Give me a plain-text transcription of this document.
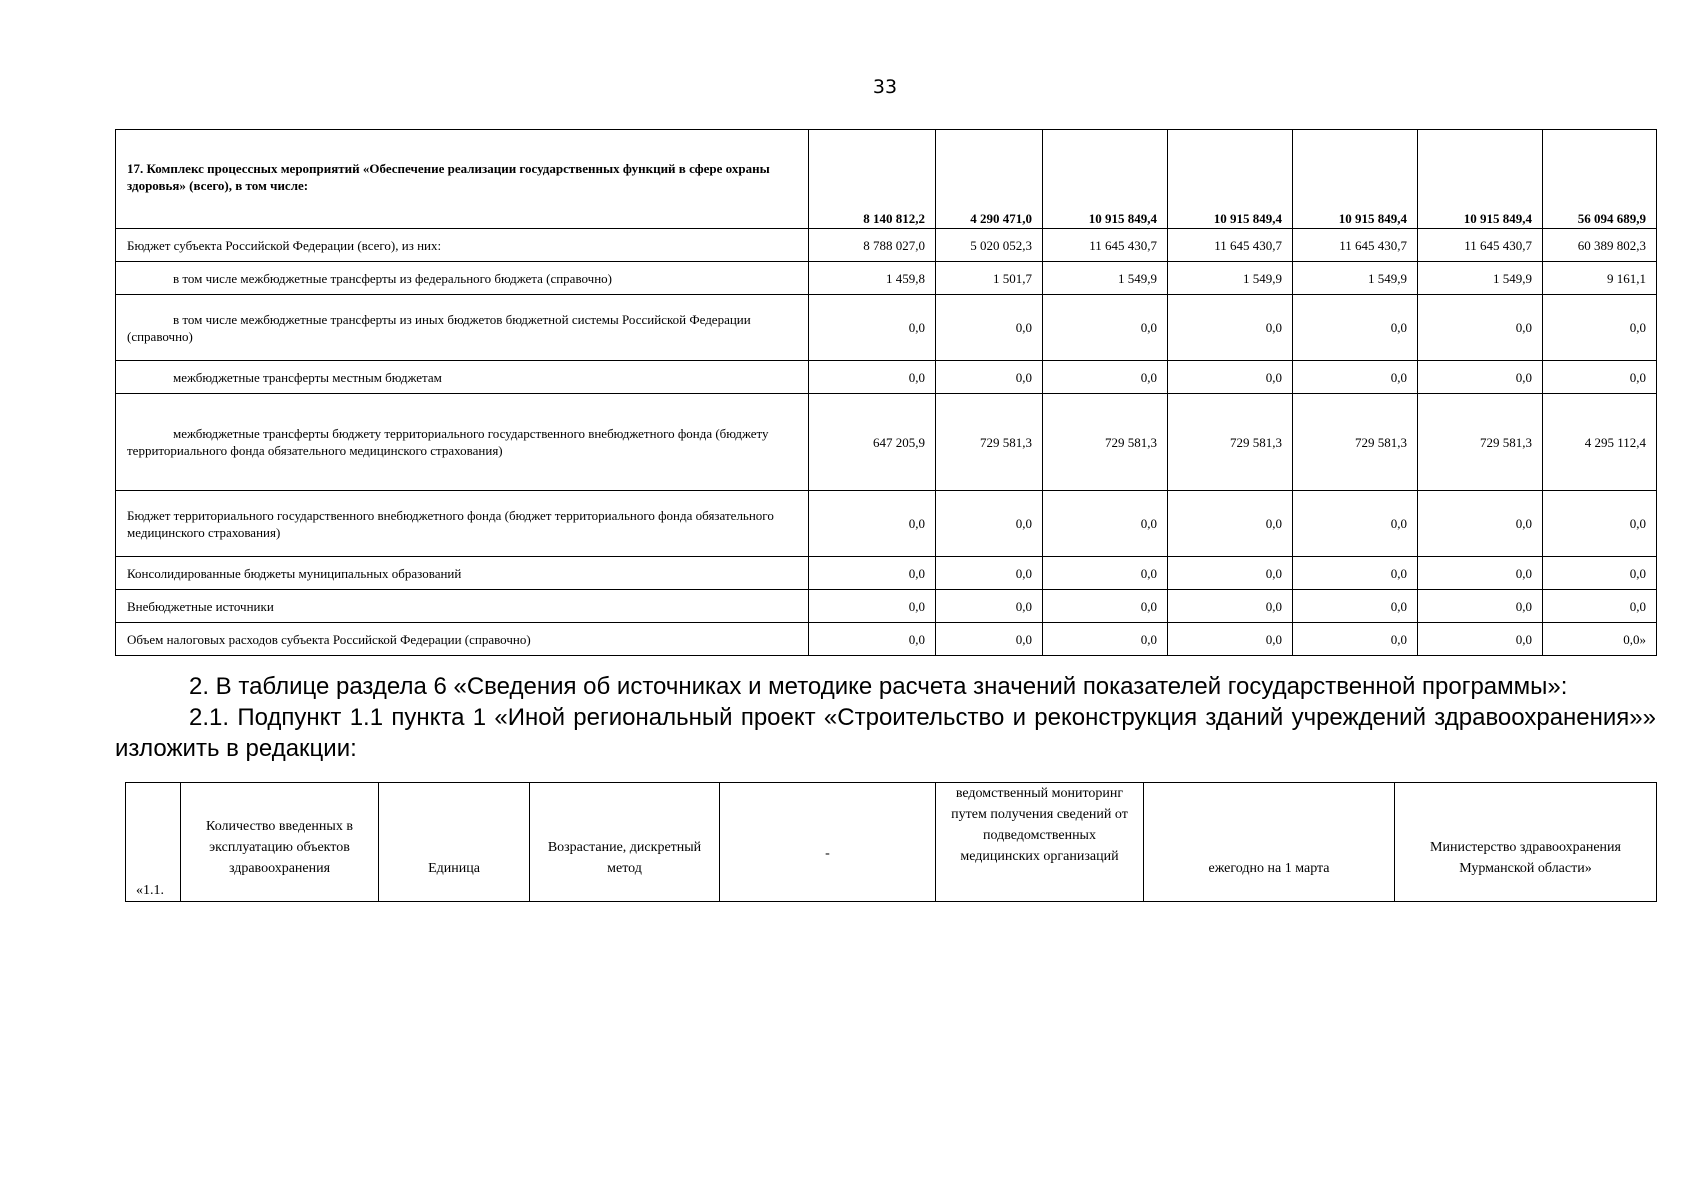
33
17. Комплекс процессных мероприятий «Обеспечение реализации государственных функций в сфере охраны здоровья» (всего), в том числе:	8 140 812,2	4 290 471,0	10 915 849,4	10 915 849,4	10 915 849,4	10 915 849,4	56 094 689,9
Бюджет субъекта Российской Федерации (всего), из них:	8 788 027,0	5 020 052,3	11 645 430,7	11 645 430,7	11 645 430,7	11 645 430,7	60 389 802,3
в том числе межбюджетные трансферты из федерального бюджета (справочно)	1 459,8	1 501,7	1 549,9	1 549,9	1 549,9	1 549,9	9 161,1
в том числе межбюджетные трансферты из иных бюджетов бюджетной системы Российской Федерации (справочно)	0,0	0,0	0,0	0,0	0,0	0,0	0,0
межбюджетные трансферты местным бюджетам	0,0	0,0	0,0	0,0	0,0	0,0	0,0
межбюджетные трансферты бюджету территориального государственного внебюджетного фонда (бюджету территориального фонда обязательного медицинского страхования)	647 205,9	729 581,3	729 581,3	729 581,3	729 581,3	729 581,3	4 295 112,4
Бюджет территориального государственного внебюджетного фонда (бюджет территориального фонда обязательного медицинского страхования)	0,0	0,0	0,0	0,0	0,0	0,0	0,0
Консолидированные бюджеты муниципальных образований	0,0	0,0	0,0	0,0	0,0	0,0	0,0
Внебюджетные источники	0,0	0,0	0,0	0,0	0,0	0,0	0,0
Объем налоговых расходов субъекта Российской Федерации (справочно)	0,0	0,0	0,0	0,0	0,0	0,0	0,0»
2. В таблице раздела 6 «Сведения об источниках и методике расчета значений показателей государственной программы»:
2.1. Подпункт 1.1 пункта 1 «Иной региональный проект «Строительство и реконструкция зданий учреждений здравоохранения»» изложить в редакции:
«1.1.	Количество введенных в эксплуатацию объектов здравоохранения	Единица	Возрастание, дискретный метод	-	ведомственный мониторинг путем получения сведений от подведомственных медицинских организаций	ежегодно на 1 марта	Министерство здравоохранения Мурманской области»
